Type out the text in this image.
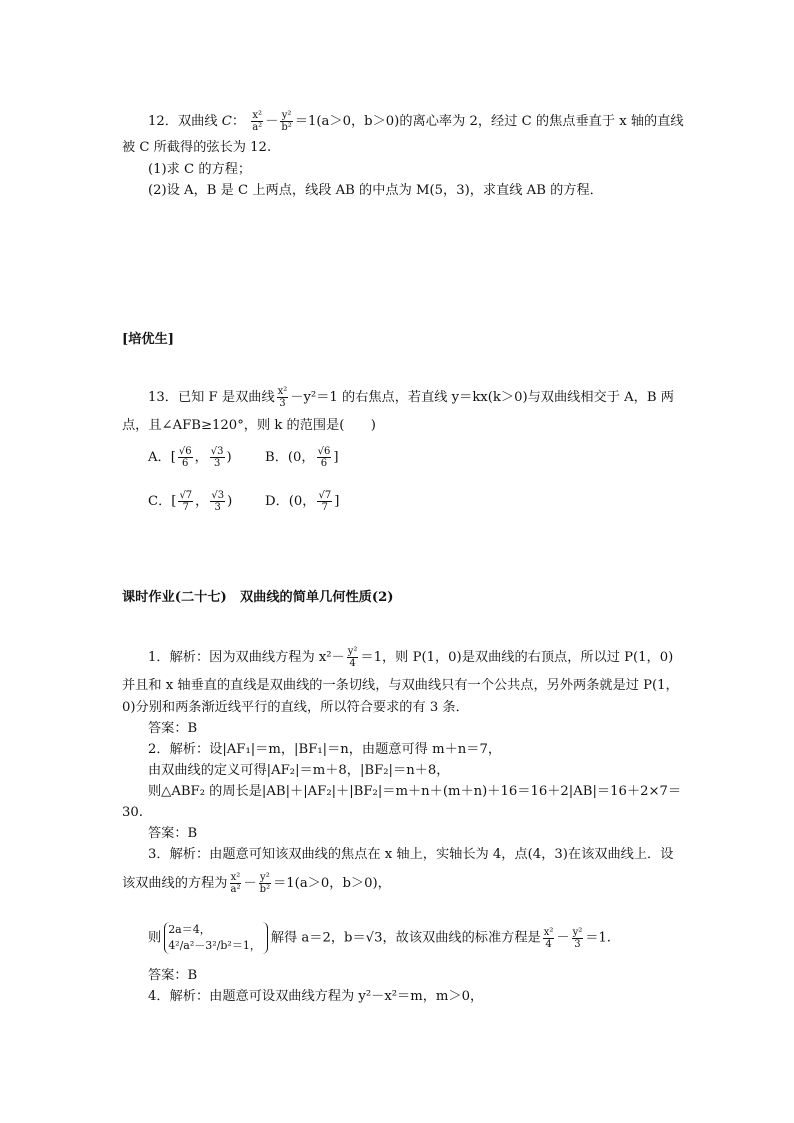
12．双曲线 C： $\frac{\text{x²}}{\text{a²}} - \frac{\text{y²}}{\text{b²}} =1(a>0$，b＞0)的离心率为 2，经过 C 的焦点垂直于 x 轴的直线
被 C 所截得的弦长为 12.
(1)求 C 的方程；
(2)设 A，B 是 C 上两点，线段 AB 的中点为 M(5，3)，求直线 AB 的方程．
[培优生]
13．已知 F 是双曲线 $\frac{\text{x²}}{3} -y^2=1$ 的右焦点，若直线 y＝kx(k＞0)与双曲线相交于 A，B 两
点，且∠AFB≥120°，则 k 的范围是(　　)
A．[ $\frac{√6}{6}$ ， $\frac{√3}{3}$ )	B．(0， $\frac{√6}{6}$ ]
C．[ $\frac{√7}{7}$ ， $\frac{√3}{3}$ ) D．(0， $\frac{√7}{7}$ ]
课时作业(二十七)　双曲线的简单几何性质(2)
1．解析：因为双曲线方程为 $x^2- \frac{\text{y²}}{4} =1$，则 P(1，0)是双曲线的右顶点，所以过 P(1，0)
并且和 x 轴垂直的直线是双曲线的一条切线，与双曲线只有一个公共点，另外两条就是过 P(1，
0)分别和两条渐近线平行的直线，所以符合要求的有 3 条．
答案：B
2．解析：设|AF₁|＝m，|BF₁|＝n，由题意可得 m＋n＝7，
由双曲线的定义可得|AF₂|＝m＋8，|BF₂|＝n＋8，
则△ABF₂ 的周长是|AB|＋|AF₂|＋|BF₂|＝m＋n＋(m＋n)＋16＝16＋2|AB|＝16＋2×7＝
30.
答案：B
3．解析：由题意可知该双曲线的焦点在 x 轴上，实轴长为 4，点(4，3)在该双曲线上．设
该双曲线的方程为 $\frac{\text{x²}}{\text{a²}} - \frac{\text{y²}}{\text{b²}} =1(a>0$，b＞0)，
则
2a＝4，
4²/a²－3²/b²＝1， 解得 a＝2，b＝√3，故该双曲线的标准方程是 $\frac{\text{x²}}{4} - \frac{\text{y²}}{3} =1$.
答案：B
4．解析：由题意可设双曲线方程为 y²－x²＝m，m＞0，
